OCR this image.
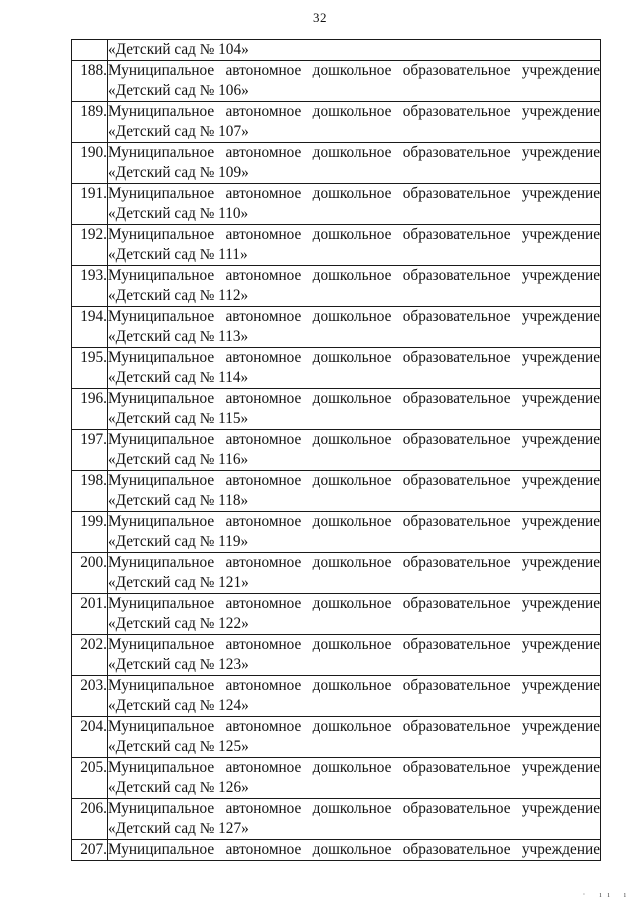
32

	«Детский сад № 104»

188.	Муниципальное автономное дошкольное образовательное учреждение
«Детский сад № 106»

189.	Муниципальное автономное дошкольное образовательное учреждение
«Детский сад № 107»

190.	Муниципальное автономное дошкольное образовательное учреждение
«Детский сад № 109»

191.	Муниципальное автономное дошкольное образовательное учреждение
«Детский сад № 110»

192.	Муниципальное автономное дошкольное образовательное учреждение
«Детский сад № 111»

193.	Муниципальное автономное дошкольное образовательное учреждение
«Детский сад № 112»

194.	Муниципальное автономное дошкольное образовательное учреждение
«Детский сад № 113»

195.	Муниципальное автономное дошкольное образовательное учреждение
«Детский сад № 114»

196.	Муниципальное автономное дошкольное образовательное учреждение
«Детский сад № 115»

197.	Муниципальное автономное дошкольное образовательное учреждение
«Детский сад № 116»

198.	Муниципальное автономное дошкольное образовательное учреждение
«Детский сад № 118»

199.	Муниципальное автономное дошкольное образовательное учреждение
«Детский сад № 119»

200.	Муниципальное автономное дошкольное образовательное учреждение
«Детский сад № 121»

201.	Муниципальное автономное дошкольное образовательное учреждение
«Детский сад № 122»

202.	Муниципальное автономное дошкольное образовательное учреждение
«Детский сад № 123»

203.	Муниципальное автономное дошкольное образовательное учреждение
«Детский сад № 124»

204.	Муниципальное автономное дошкольное образовательное учреждение
«Детский сад № 125»

205.	Муниципальное автономное дошкольное образовательное учреждение
«Детский сад № 126»

206.	Муниципальное автономное дошкольное образовательное учреждение
«Детский сад № 127»

207.	Муниципальное автономное дошкольное образовательное учреждение
· ıı ı
